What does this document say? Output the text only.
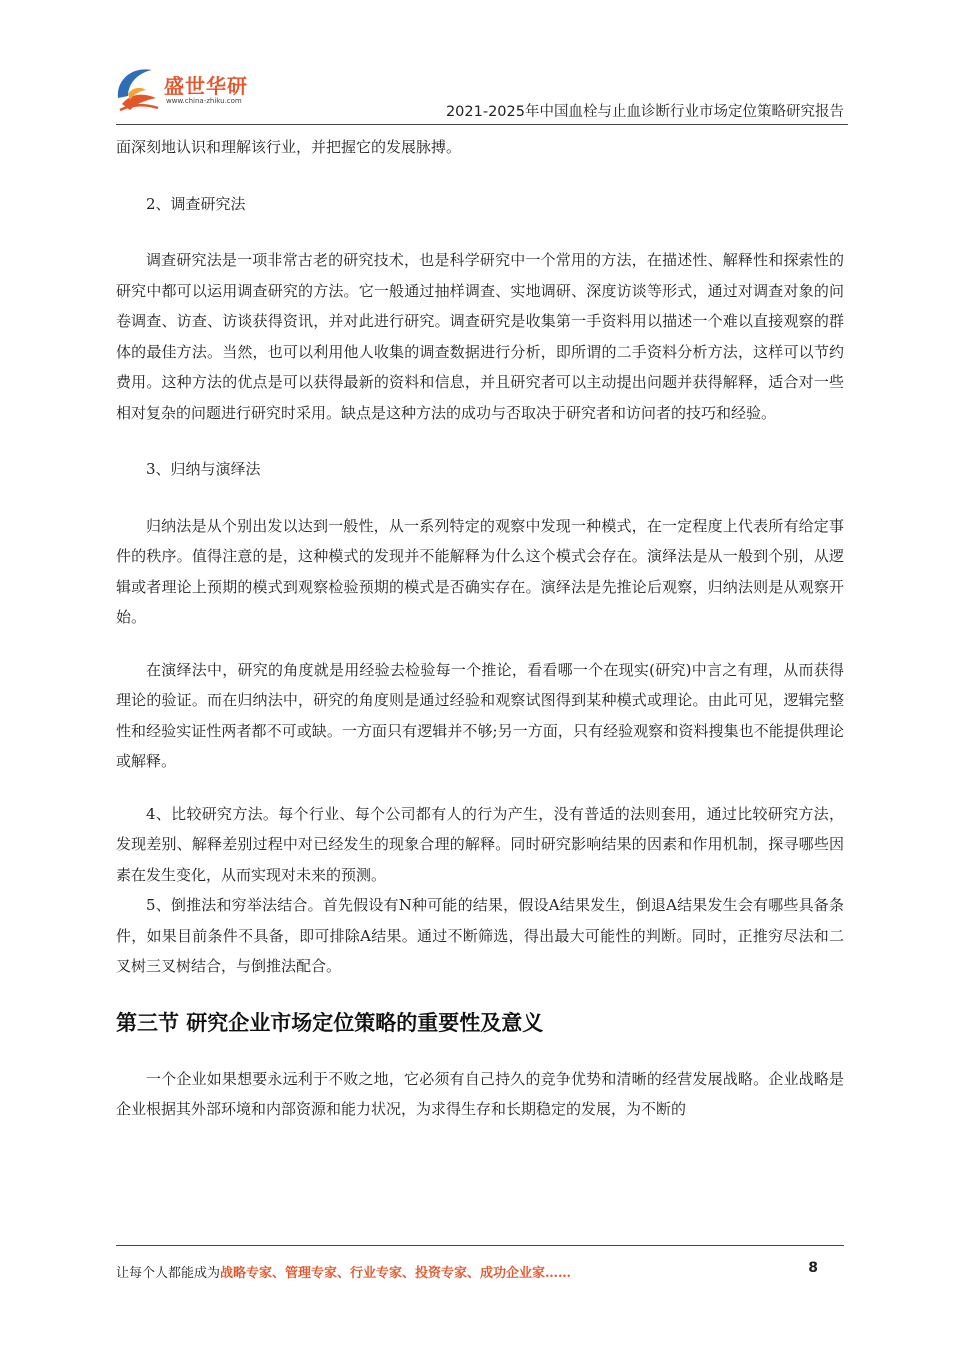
盛世华研
www.china-zhiku.com
2021-2025年中国血栓与止血诊断行业市场定位策略研究报告

面深刻地认识和理解该行业，并把握它的发展脉搏。

2、调查研究法

调查研究法是一项非常古老的研究技术，也是科学研究中一个常用的方法，在描述性、解释性和探索性的研究中都可以运用调查研究的方法。它一般通过抽样调查、实地调研、深度访谈等形式，通过对调查对象的问卷调查、访查、访谈获得资讯，并对此进行研究。调查研究是收集第一手资料用以描述一个难以直接观察的群体的最佳方法。当然，也可以利用他人收集的调查数据进行分析，即所谓的二手资料分析方法，这样可以节约费用。这种方法的优点是可以获得最新的资料和信息，并且研究者可以主动提出问题并获得解释，适合对一些相对复杂的问题进行研究时采用。缺点是这种方法的成功与否取决于研究者和访问者的技巧和经验。

3、归纳与演绎法

归纳法是从个别出发以达到一般性，从一系列特定的观察中发现一种模式，在一定程度上代表所有给定事件的秩序。值得注意的是，这种模式的发现并不能解释为什么这个模式会存在。演绎法是从一般到个别，从逻辑或者理论上预期的模式到观察检验预期的模式是否确实存在。演绎法是先推论后观察，归纳法则是从观察开始。

在演绎法中，研究的角度就是用经验去检验每一个推论，看看哪一个在现实(研究)中言之有理，从而获得理论的验证。而在归纳法中，研究的角度则是通过经验和观察试图得到某种模式或理论。由此可见，逻辑完整性和经验实证性两者都不可或缺。一方面只有逻辑并不够;另一方面，只有经验观察和资料搜集也不能提供理论或解释。

4、比较研究方法。每个行业、每个公司都有人的行为产生，没有普适的法则套用，通过比较研究方法，发现差别、解释差别过程中对已经发生的现象合理的解释。同时研究影响结果的因素和作用机制，探寻哪些因素在发生变化，从而实现对未来的预测。

5、倒推法和穷举法结合。首先假设有N种可能的结果，假设A结果发生，倒退A结果发生会有哪些具备条件，如果目前条件不具备，即可排除A结果。通过不断筛选，得出最大可能性的判断。同时，正推穷尽法和二叉树三叉树结合，与倒推法配合。

第三节 研究企业市场定位策略的重要性及意义

一个企业如果想要永远利于不败之地，它必须有自己持久的竞争优势和清晰的经营发展战略。企业战略是企业根据其外部环境和内部资源和能力状况，为求得生存和长期稳定的发展，为不断的

让每个人都能成为战略专家、管理专家、行业专家、投资专家、成功企业家……	8
